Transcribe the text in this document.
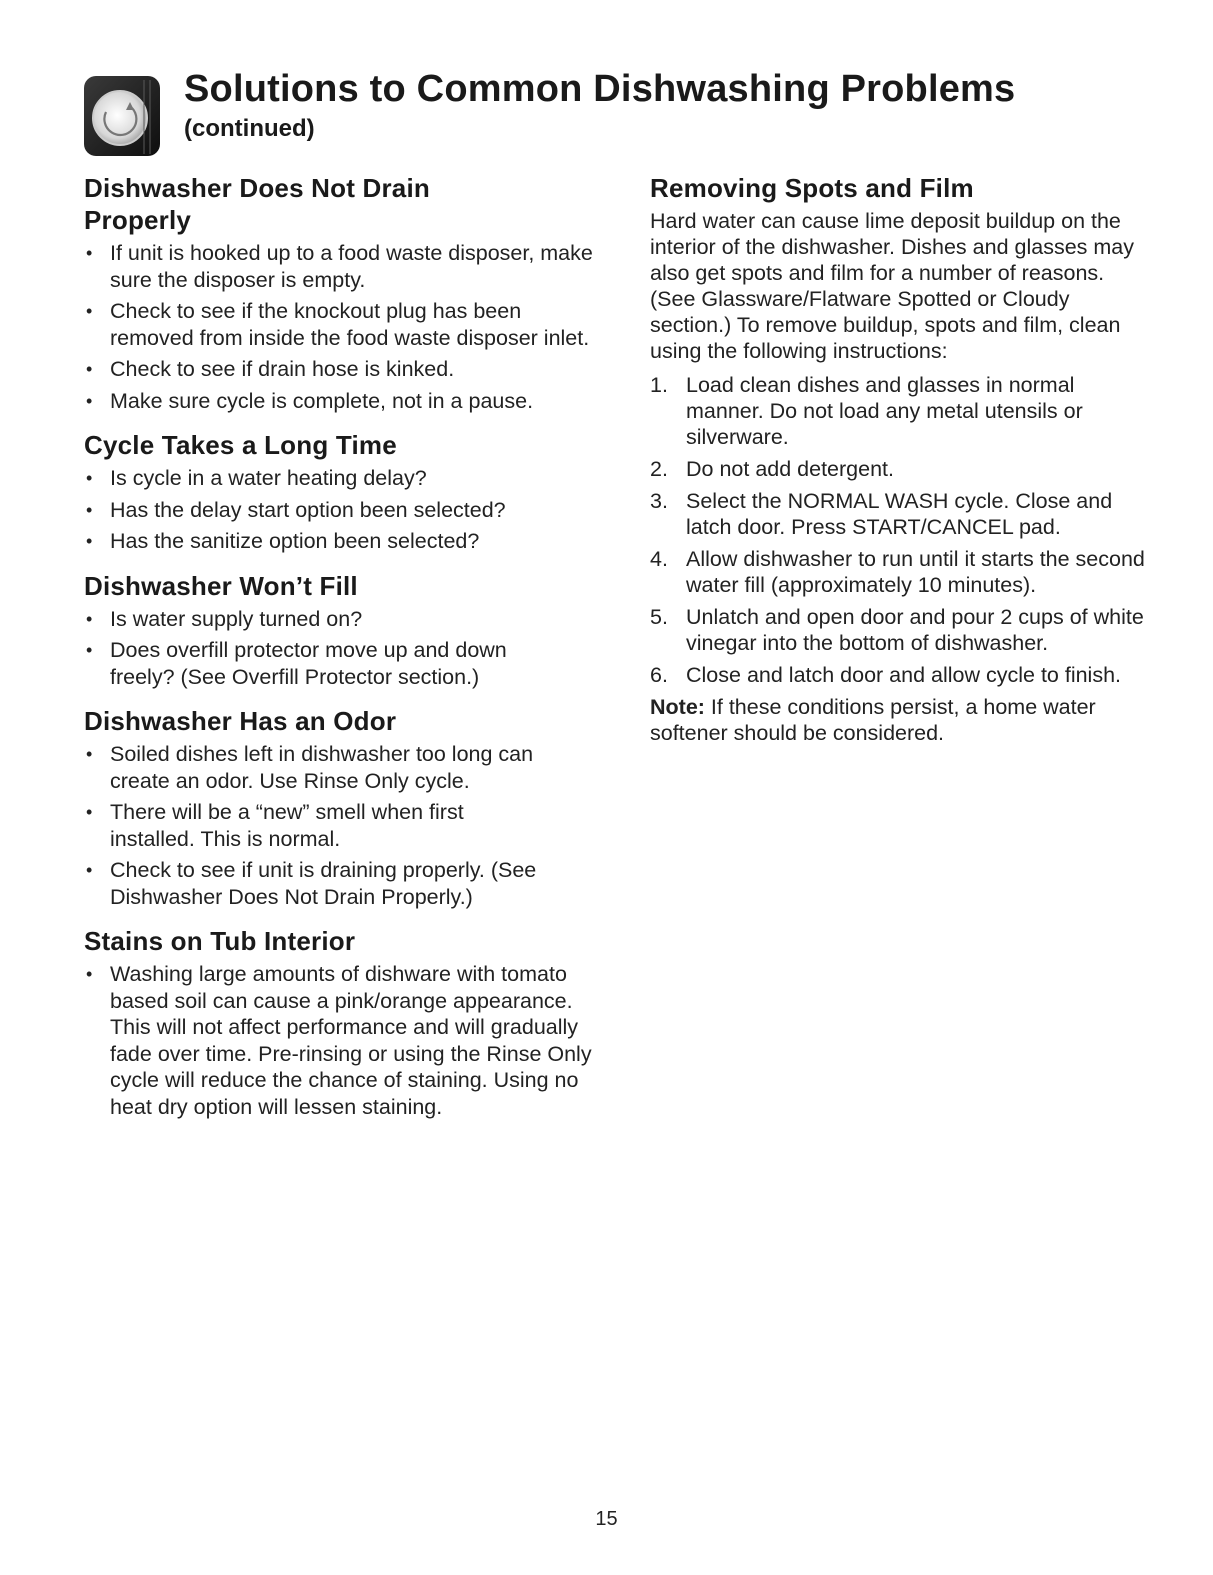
Solutions to Common Dishwashing Problems
(continued)
Dishwasher Does Not Drain Properly
• If unit is hooked up to a food waste disposer, make sure the disposer is empty.
• Check to see if the knockout plug has been removed from inside the food waste disposer inlet.
• Check to see if drain hose is kinked.
• Make sure cycle is complete, not in a pause.
Cycle Takes a Long Time
• Is cycle in a water heating delay?
• Has the delay start option been selected?
• Has the sanitize option been selected?
Dishwasher Won’t Fill
• Is water supply turned on?
• Does overfill protector move up and down freely? (See Overfill Protector section.)
Dishwasher Has an Odor
• Soiled dishes left in dishwasher too long can create an odor. Use Rinse Only cycle.
• There will be a “new” smell when first installed. This is normal.
• Check to see if unit is draining properly. (See Dishwasher Does Not Drain Properly.)
Stains on Tub Interior
• Washing large amounts of dishware with tomato based soil can cause a pink/orange appearance. This will not affect performance and will gradually fade over time. Pre-rinsing or using the Rinse Only cycle will reduce the chance of staining. Using no heat dry option will lessen staining.
Removing Spots and Film

Hard water can cause lime deposit buildup on the interior of the dishwasher. Dishes and glasses may also get spots and film for a number of reasons. (See Glassware/Flatware Spotted or Cloudy section.) To remove buildup, spots and film, clean using the following instructions:

1. Load clean dishes and glasses in normal manner. Do not load any metal utensils or silverware.
2. Do not add detergent.
3. Select the NORMAL WASH cycle. Close and latch door. Press START/CANCEL pad.
4. Allow dishwasher to run until it starts the second water fill (approximately 10 minutes).
5. Unlatch and open door and pour 2 cups of white vinegar into the bottom of dishwasher.
6. Close and latch door and allow cycle to finish.

Note: If these conditions persist, a home water softener should be considered.

15
